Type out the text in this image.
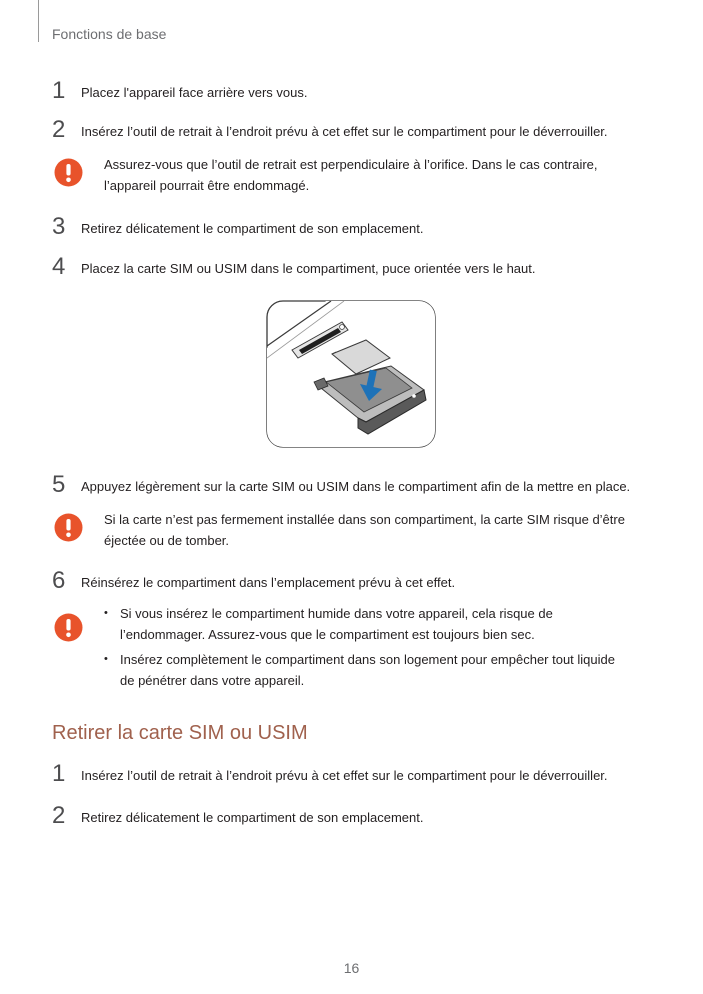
Fonctions de base
1	Placez l'appareil face arrière vers vous.
2	Insérez l’outil de retrait à l’endroit prévu à cet effet sur le compartiment pour le déverrouiller.
Assurez-vous que l’outil de retrait est perpendiculaire à l’orifice. Dans le cas contraire,
l’appareil pourrait être endommagé.
3	Retirez délicatement le compartiment de son emplacement.
4	Placez la carte SIM ou USIM dans le compartiment, puce orientée vers le haut.
5	Appuyez légèrement sur la carte SIM ou USIM dans le compartiment afin de la mettre en place.
Si la carte n’est pas fermement installée dans son compartiment, la carte SIM risque d’être
éjectée ou de tomber.
6	Réinsérez le compartiment dans l’emplacement prévu à cet effet.
• Si vous insérez le compartiment humide dans votre appareil, cela risque de
l’endommager. Assurez-vous que le compartiment est toujours bien sec.
• Insérez complètement le compartiment dans son logement pour empêcher tout liquide
de pénétrer dans votre appareil.
Retirer la carte SIM ou USIM
1	Insérez l’outil de retrait à l’endroit prévu à cet effet sur le compartiment pour le déverrouiller.
2	Retirez délicatement le compartiment de son emplacement.
16
